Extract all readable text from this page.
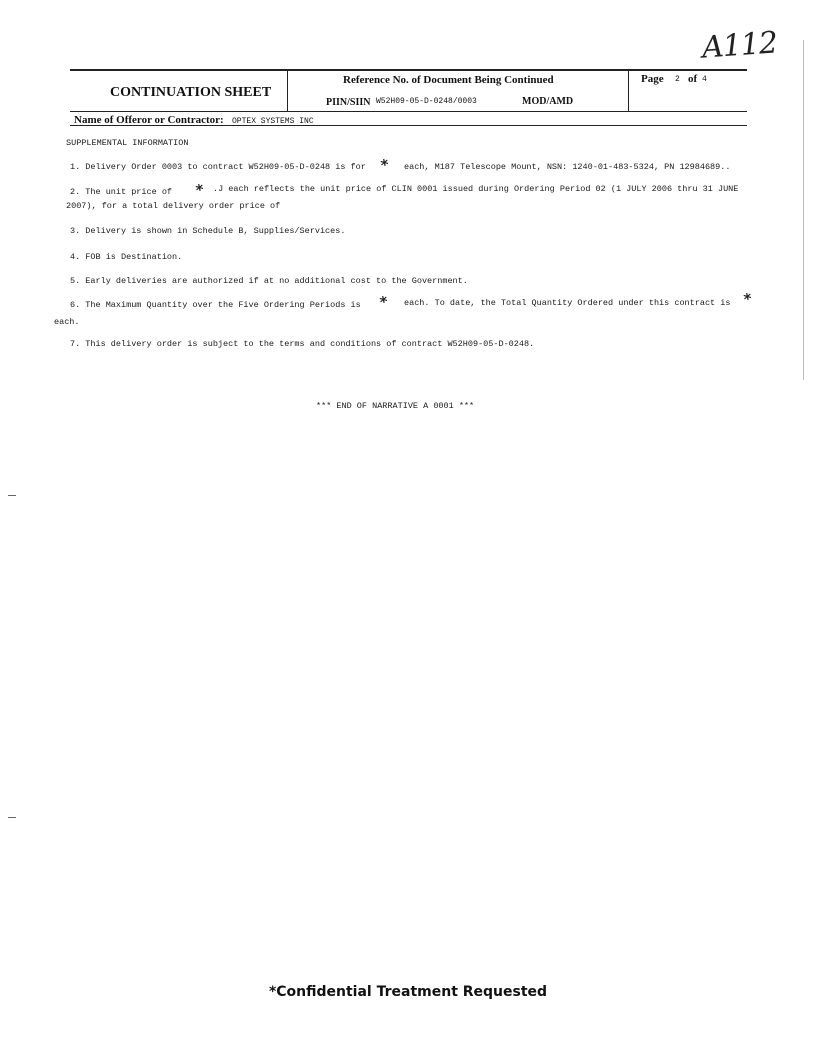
A112
CONTINUATION SHEET
Reference No. of Document Being Continued
PIIN/SIIN W52H09-05-D-0248/0003	MOD/AMD
Page 2 of 4
Name of Offeror or Contractor: OPTEX SYSTEMS INC
SUPPLEMENTAL INFORMATION
1. Delivery Order 0003 to contract W52H09-05-D-0248 is for * each, M187 Telescope Mount, NSN: 1240-01-483-5324, PN 12984689..
2. The unit price of * .J each reflects the unit price of CLIN 0001 issued during Ordering Period 02 (1 JULY 2006 thru 31 JUNE
2007), for a total delivery order price of
3. Delivery is shown in Schedule B, Supplies/Services.
4. FOB is Destination.
5. Early deliveries are authorized if at no additional cost to the Government.
6. The Maximum Quantity over the Five Ordering Periods is * each. To date, the Total Quantity Ordered under this contract is *
each.
7. This delivery order is subject to the terms and conditions of contract W52H09-05-D-0248.
*** END OF NARRATIVE A 0001 ***
*Confidential Treatment Requested
